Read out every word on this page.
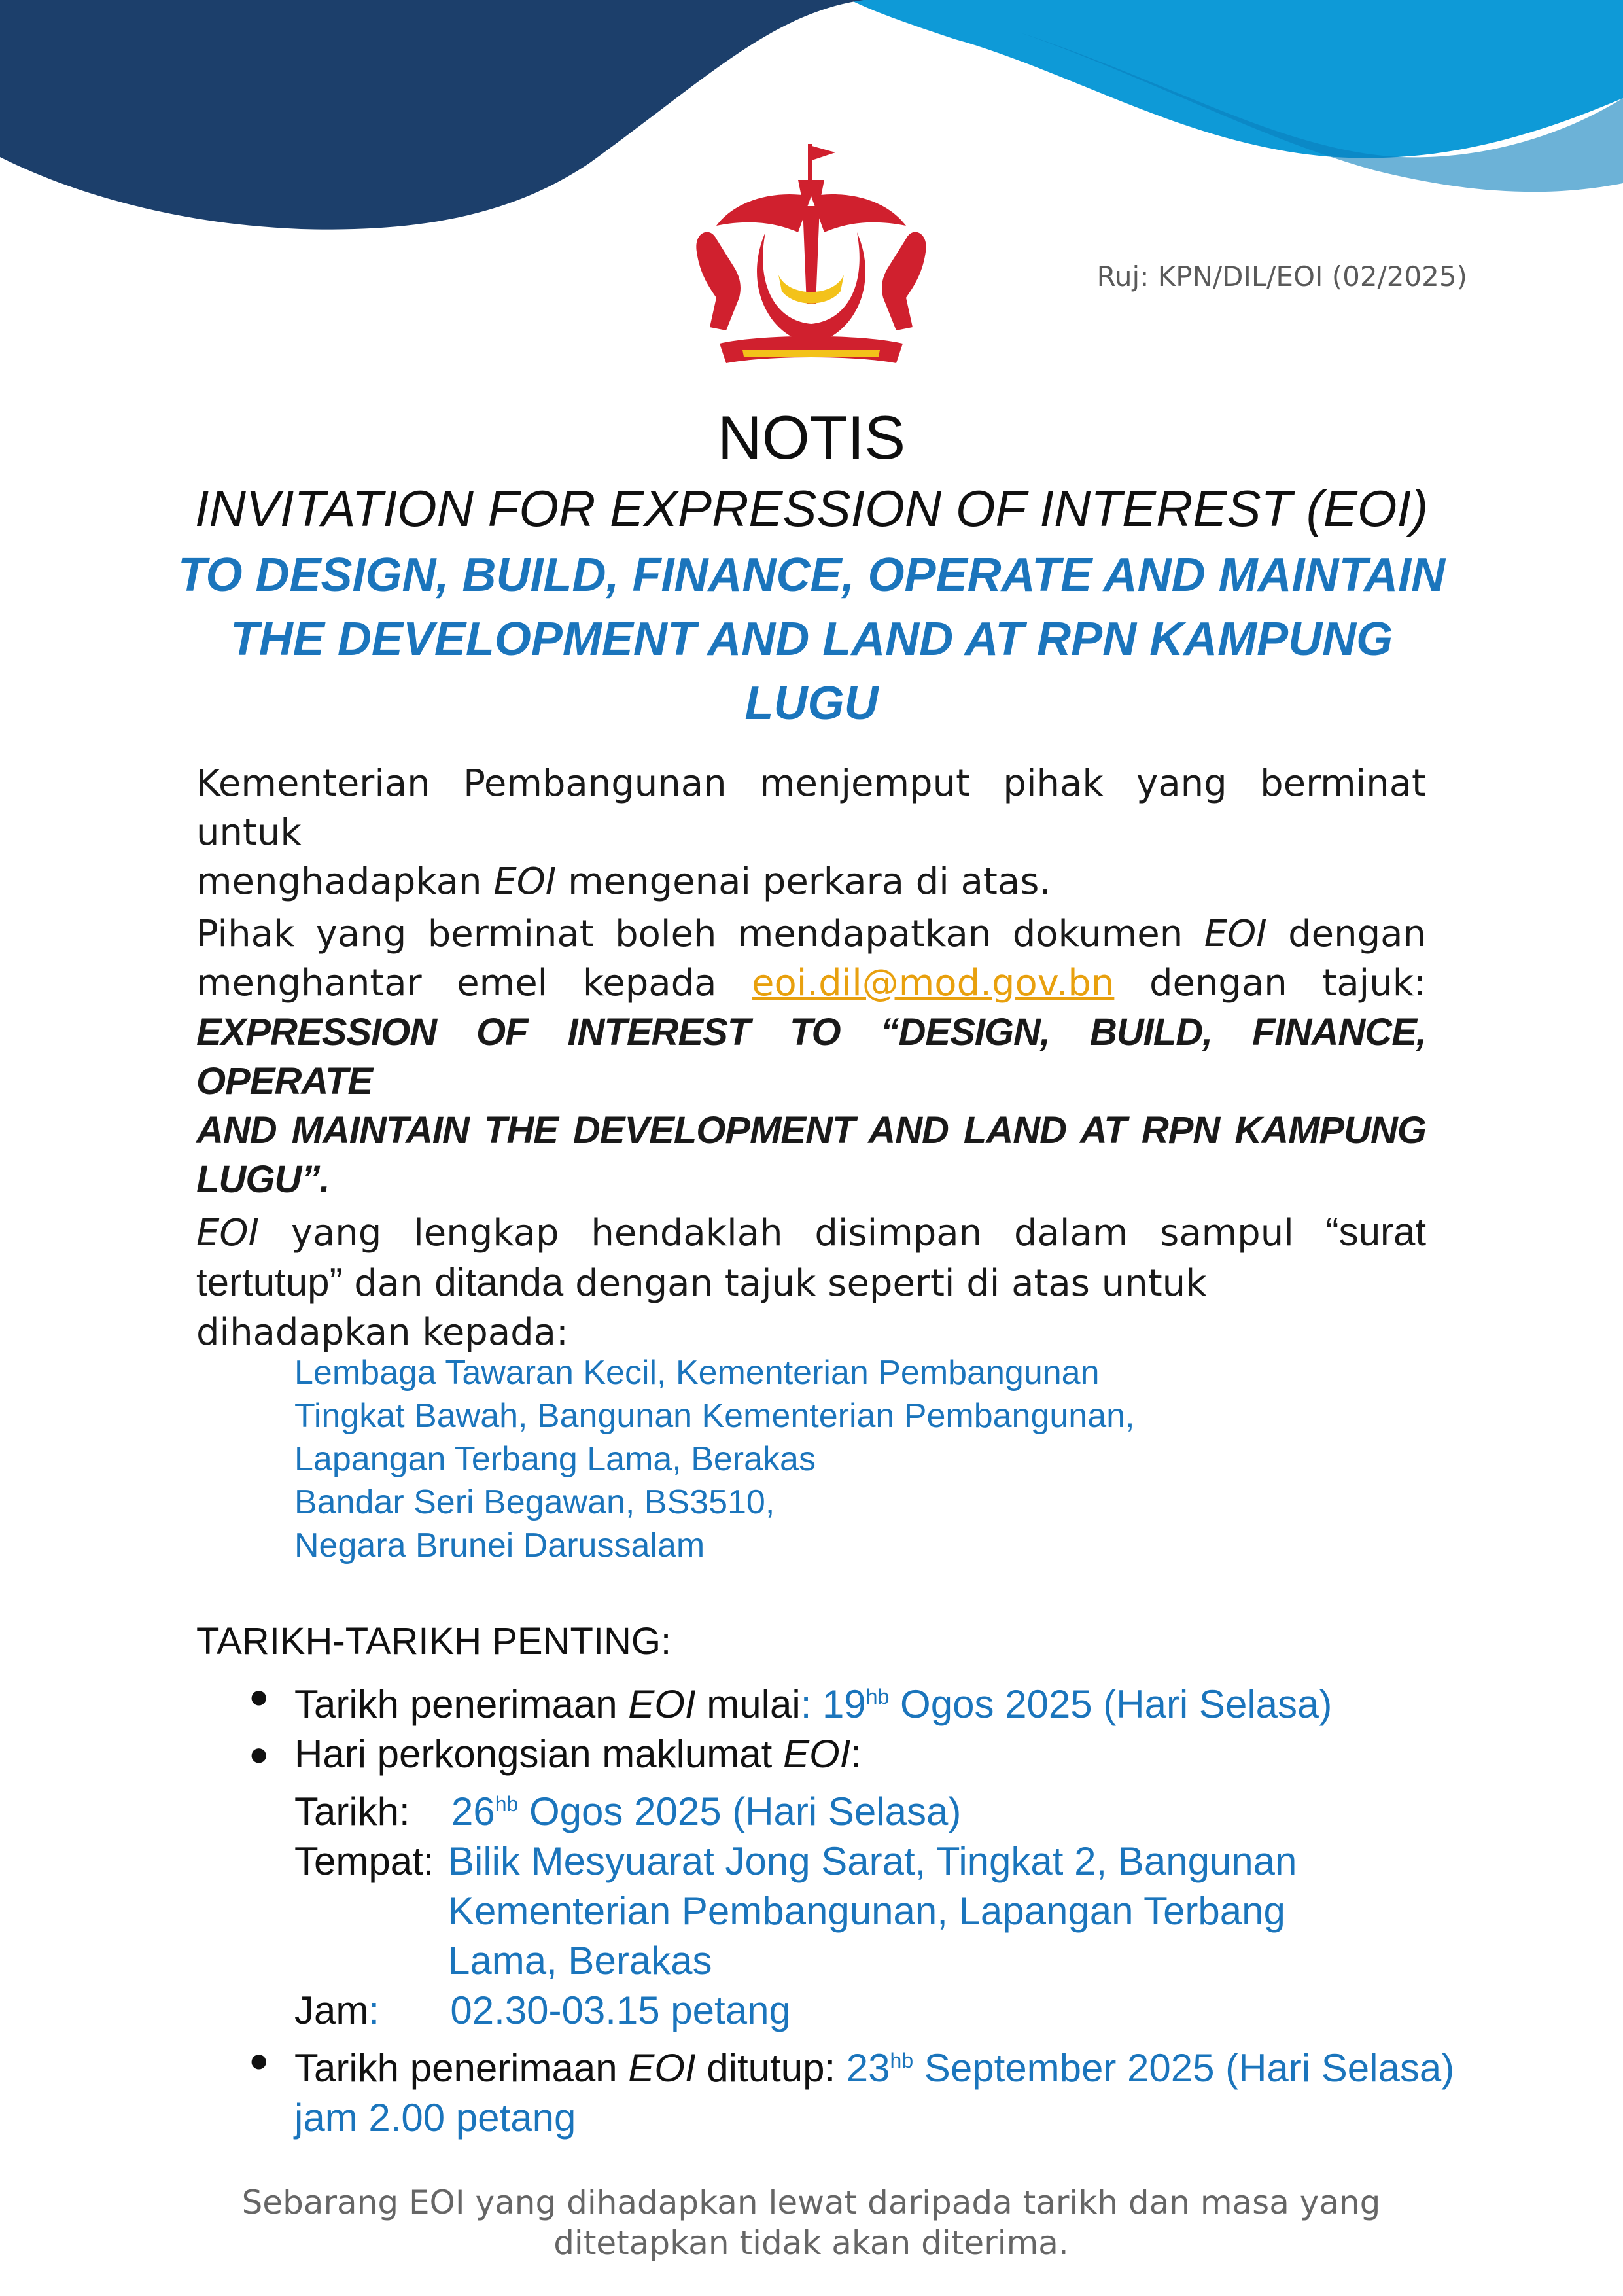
Ruj: KPN/DIL/EOI (02/2025)
NOTIS
INVITATION FOR EXPRESSION OF INTEREST (EOI)
TO DESIGN, BUILD, FINANCE, OPERATE AND MAINTAIN
THE DEVELOPMENT AND LAND AT RPN KAMPUNG
LUGU
Kementerian Pembangunan menjemput pihak yang berminat untuk
menghadapkan EOI mengenai perkara di atas.
Pihak yang berminat boleh mendapatkan dokumen EOI dengan
menghantar emel kepada eoi.dil@mod.gov.bn dengan tajuk:
EXPRESSION OF INTEREST TO “DESIGN, BUILD, FINANCE, OPERATE
AND MAINTAIN THE DEVELOPMENT AND LAND AT RPN KAMPUNG
LUGU”.
EOI yang lengkap hendaklah disimpan dalam sampul “surat tertutup” dan ditanda dengan tajuk seperti di atas untuk
dihadapkan kepada:
Lembaga Tawaran Kecil, Kementerian Pembangunan
Tingkat Bawah, Bangunan Kementerian Pembangunan,
Lapangan Terbang Lama, Berakas
Bandar Seri Begawan, BS3510,
Negara Brunei Darussalam
TARIKH-TARIKH PENTING:
● Tarikh penerimaan EOI mulai: $19^{hb}$ Ogos 2025 (Hari Selasa)
● Hari perkongsian maklumat EOI:
Tarikh: $26^{hb}$ Ogos 2025 (Hari Selasa)
Tempat: Bilik Mesyuarat Jong Sarat, Tingkat 2, Bangunan
Kementerian Pembangunan, Lapangan Terbang
Lama, Berakas
Jam: 02.30-03.15 petang
● Tarikh penerimaan EOI ditutup: $23^{hb}$ September 2025 (Hari Selasa)
jam 2.00 petang
Sebarang EOI yang dihadapkan lewat daripada tarikh dan masa yang
ditetapkan tidak akan diterima.
